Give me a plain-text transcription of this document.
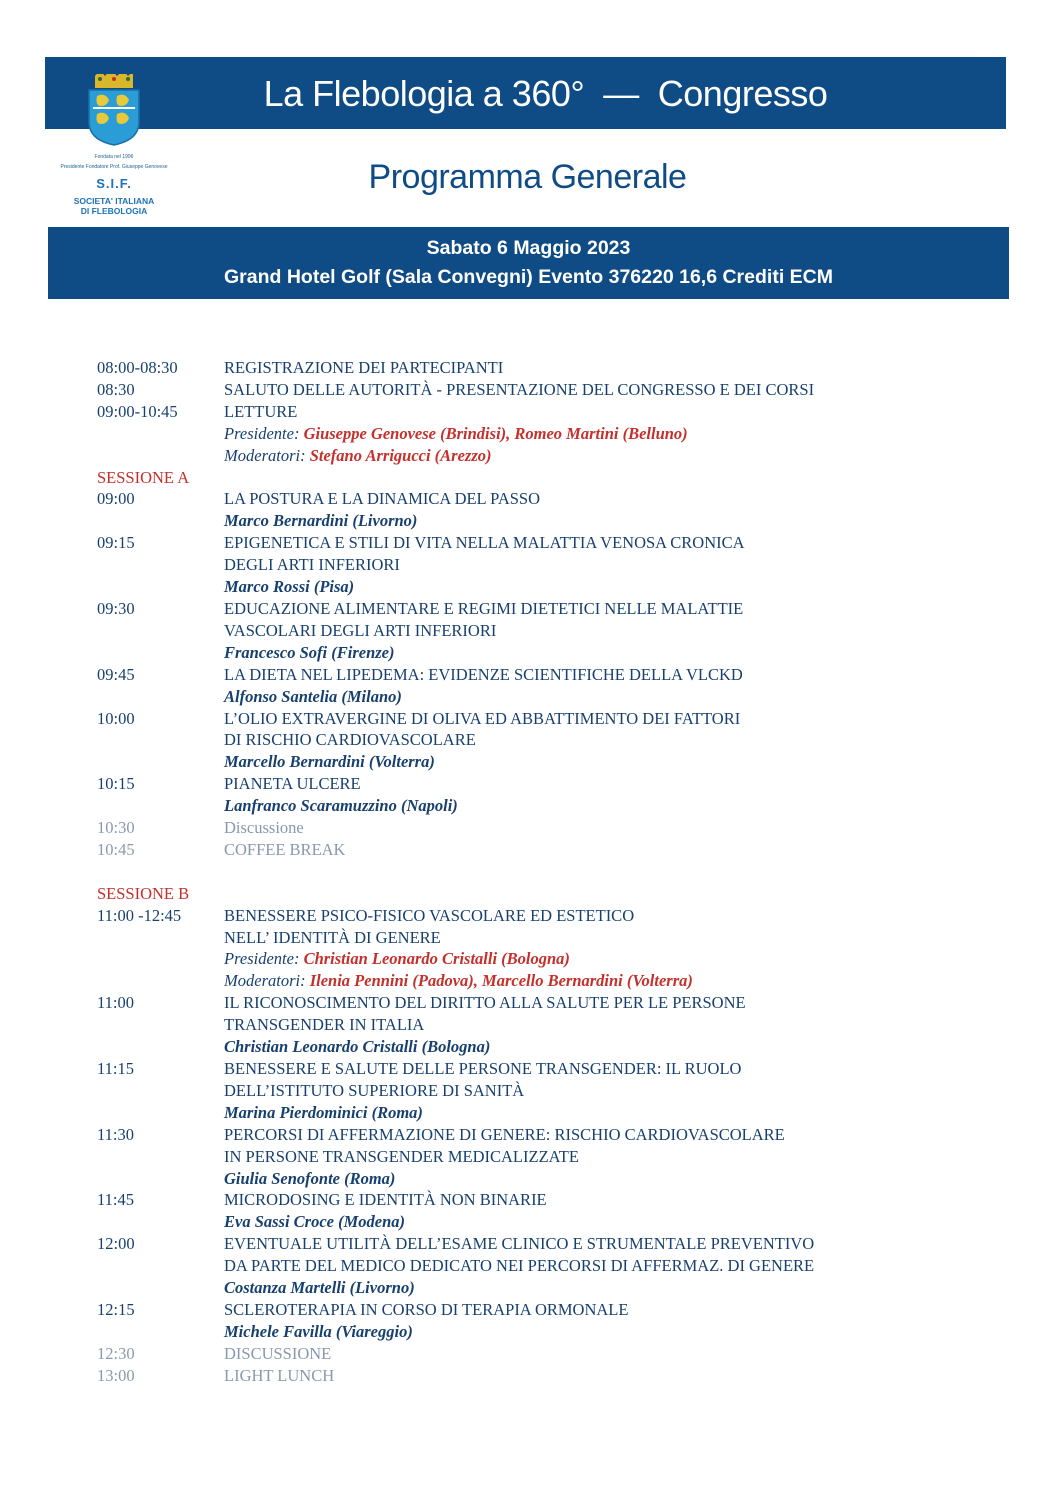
La Flebologia a 360°  —  Congresso
Fondata nel 1996
Presidente Fondatore Prof. Giuseppe Genovese
S.I.F.
SOCIETA' ITALIANA
DI FLEBOLOGIA
Programma Generale
Sabato 6 Maggio 2023
Grand Hotel Golf (Sala Convegni) Evento 376220 16,6 Crediti ECM
08:00-08:30	REGISTRAZIONE DEI PARTECIPANTI
08:30	SALUTO DELLE AUTORITÀ - PRESENTAZIONE DEL CONGRESSO E DEI CORSI
09:00-10:45	LETTURE
Presidente: Giuseppe Genovese (Brindisi), Romeo Martini (Belluno)
Moderatori: Stefano Arrigucci (Arezzo)
SESSIONE A
09:00	LA POSTURA E LA DINAMICA DEL PASSO
Marco Bernardini (Livorno)
09:15	EPIGENETICA E STILI DI VITA NELLA MALATTIA VENOSA CRONICA
DEGLI ARTI INFERIORI
Marco Rossi (Pisa)
09:30	EDUCAZIONE ALIMENTARE E REGIMI DIETETICI NELLE MALATTIE
VASCOLARI DEGLI ARTI INFERIORI
Francesco Sofi (Firenze)
09:45	LA DIETA NEL LIPEDEMA: EVIDENZE SCIENTIFICHE DELLA VLCKD
Alfonso Santelia (Milano)
10:00	L’OLIO EXTRAVERGINE DI OLIVA ED ABBATTIMENTO DEI FATTORI
DI RISCHIO CARDIOVASCOLARE
Marcello Bernardini (Volterra)
10:15	PIANETA ULCERE
Lanfranco Scaramuzzino (Napoli)
10:30	Discussione
10:45	COFFEE BREAK
SESSIONE B
11:00 -12:45	BENESSERE PSICO-FISICO VASCOLARE ED ESTETICO
NELL’ IDENTITÀ DI GENERE
Presidente: Christian Leonardo Cristalli (Bologna)
Moderatori: Ilenia Pennini (Padova), Marcello Bernardini (Volterra)
11:00	IL RICONOSCIMENTO DEL DIRITTO ALLA SALUTE PER LE PERSONE
TRANSGENDER IN ITALIA
Christian Leonardo Cristalli (Bologna)
11:15	BENESSERE E SALUTE DELLE PERSONE TRANSGENDER: IL RUOLO
DELL’ISTITUTO SUPERIORE DI SANITÀ
Marina Pierdominici (Roma)
11:30	PERCORSI DI AFFERMAZIONE DI GENERE: RISCHIO CARDIOVASCOLARE
IN PERSONE TRANSGENDER MEDICALIZZATE
Giulia Senofonte (Roma)
11:45	MICRODOSING E IDENTITÀ NON BINARIE
Eva Sassi Croce (Modena)
12:00	EVENTUALE UTILITÀ DELL’ESAME CLINICO E STRUMENTALE PREVENTIVO
DA PARTE DEL MEDICO DEDICATO NEI PERCORSI DI AFFERMAZ. DI GENERE
Costanza Martelli (Livorno)
12:15	SCLEROTERAPIA IN CORSO DI TERAPIA ORMONALE
Michele Favilla (Viareggio)
12:30	DISCUSSIONE
13:00	LIGHT LUNCH
